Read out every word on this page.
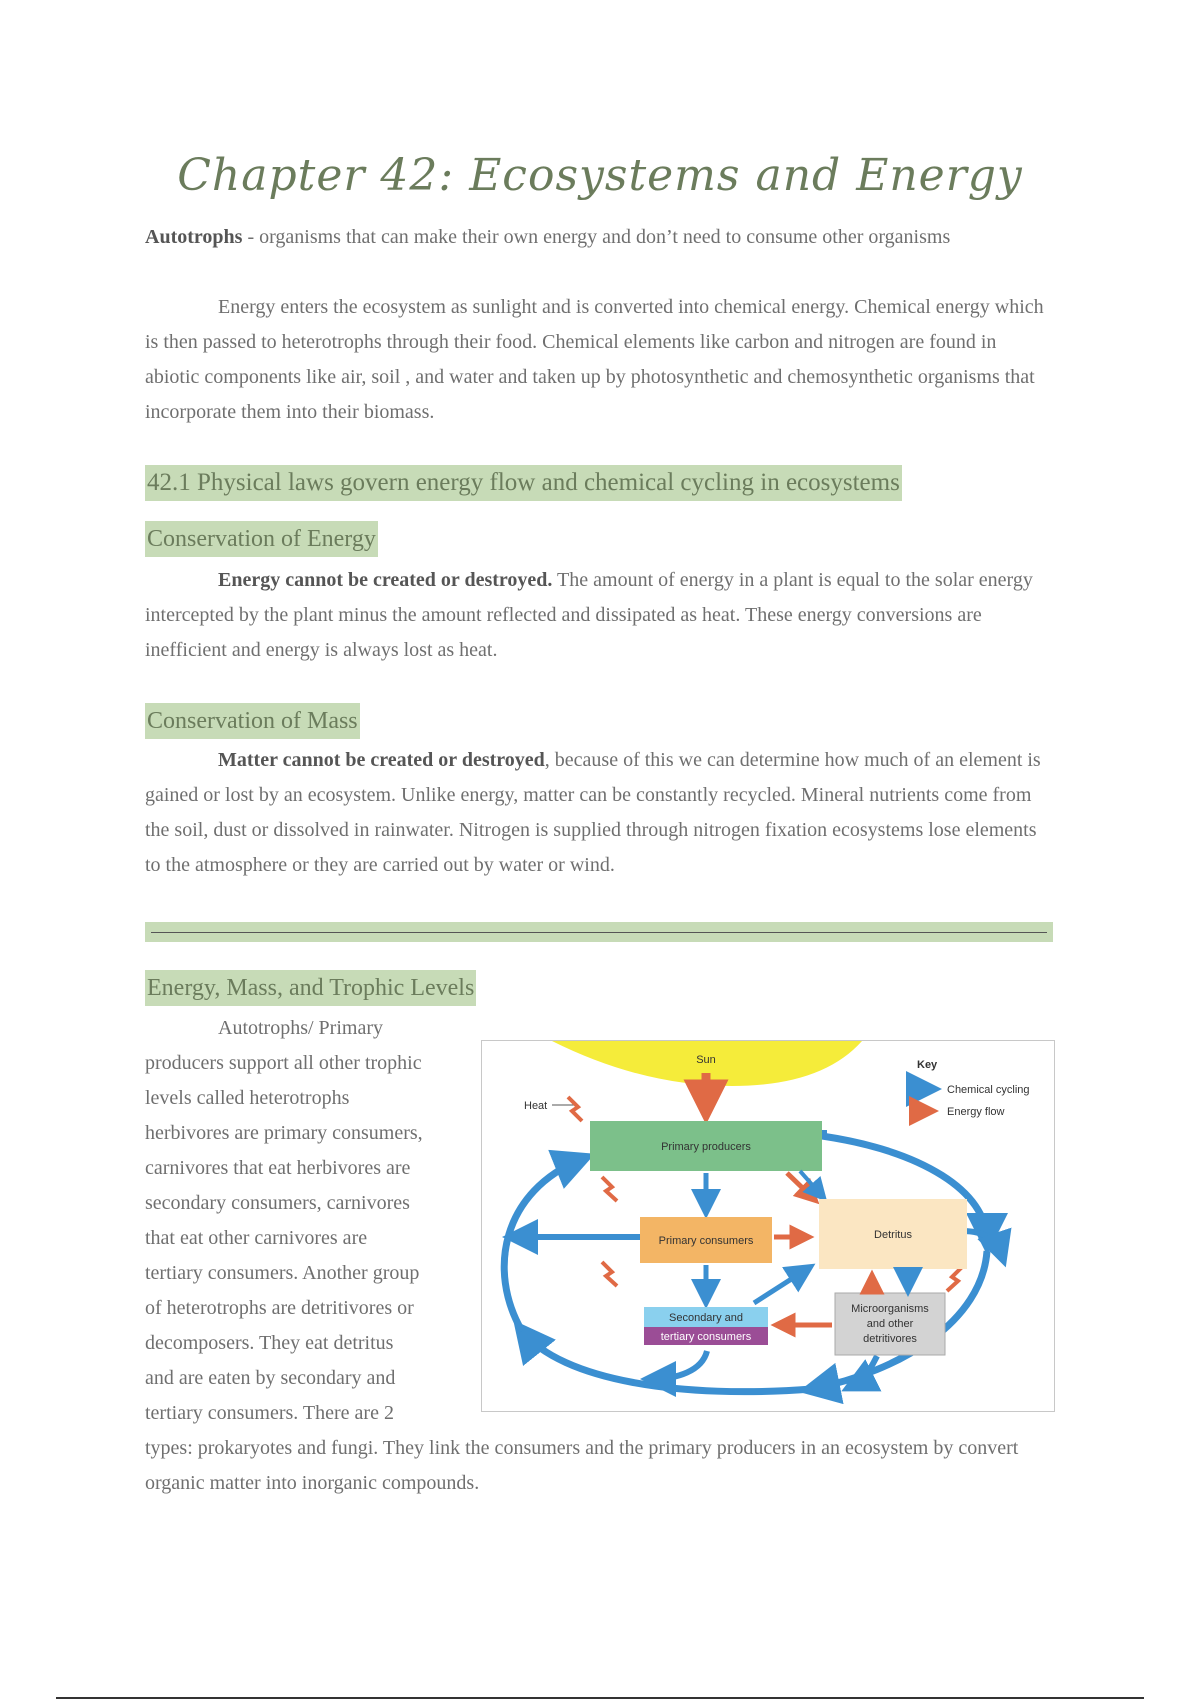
Chapter 42: Ecosystems and Energy
Autotrophs - organisms that can make their own energy and don’t need to consume other organisms
Energy enters the ecosystem as sunlight and is converted into chemical energy. Chemical energy which is then passed to heterotrophs through their food. Chemical elements like carbon and nitrogen are found in abiotic components like air, soil , and water and taken up by photosynthetic and chemosynthetic organisms that incorporate them into their biomass.
42.1 Physical laws govern energy flow and chemical cycling in ecosystems
Conservation of Energy
Energy cannot be created or destroyed. The amount of energy in a plant is equal to the solar energy intercepted by the plant minus the amount reflected and dissipated as heat. These energy conversions are inefficient and energy is always lost as heat.
Conservation of Mass
Matter cannot be created or destroyed, because of this we can determine how much of an element is gained or lost by an ecosystem. Unlike energy, matter can be constantly recycled. Mineral nutrients come from the soil, dust or dissolved in rainwater. Nitrogen is supplied through nitrogen fixation ecosystems lose elements to the atmosphere or they are carried out by water or wind.
Energy, Mass, and Trophic Levels
Autotrophs/ Primary
producers support all other trophic
levels called heterotrophs
herbivores are primary consumers,
carnivores that eat herbivores are
secondary consumers, carnivores
that eat other carnivores are
tertiary consumers. Another group
of heterotrophs are detritivores or
decomposers. They eat detritus
and are eaten by secondary and
tertiary consumers. There are 2
types: prokaryotes and fungi. They link the consumers and the primary producers in an ecosystem by convert organic matter into inorganic compounds.
Sun	Key
Chemical cycling
Energy flow
Heat
Primary producers
Primary consumers	Detritus
Secondary and
tertiary consumers
Microorganisms
and other
detritivores
